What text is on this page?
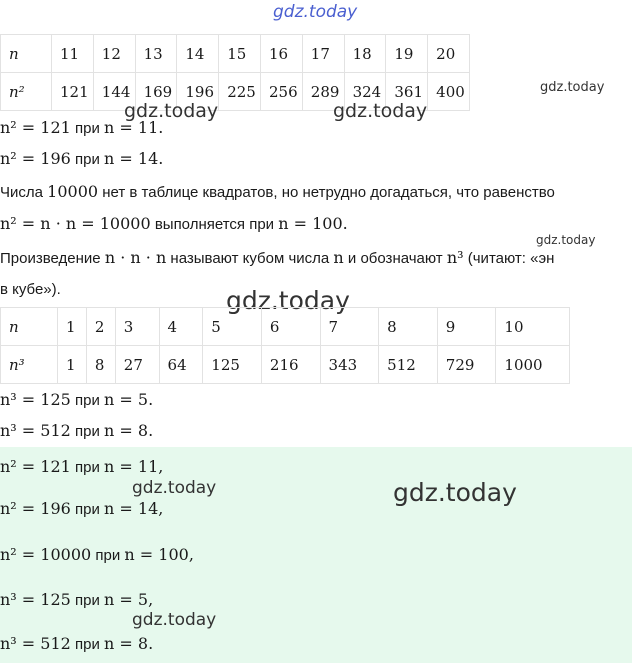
gdz.today
n	11	12	13	14	15	16	17	18	19	20
n²	121	144	169	196	225	256	289	324	361	400	gdz.today
gdz.today	gdz.today
n² = 121 при n = 11.
n² = 196 при n = 14.
Числа 10000 нет в таблице квадратов, но нетрудно догадаться, что равенство
n² = n · n = 10000 выполняется при n = 100.
gdz.today
Произведение n · n · n называют кубом числа n и обозначают n³ (читают: «эн
в кубе»).	gdz.today
n	1	2	3	4	5	6	7	8	9	10
n³	1	8	27	64	125	216	343	512	729	1000
n³ = 125 при n = 5.
n³ = 512 при n = 8.
n² = 121 при n = 11,
gdz.today	gdz.today
n² = 196 при n = 14,
n² = 10000 при n = 100,
n³ = 125 при n = 5,
gdz.today
n³ = 512 при n = 8.
